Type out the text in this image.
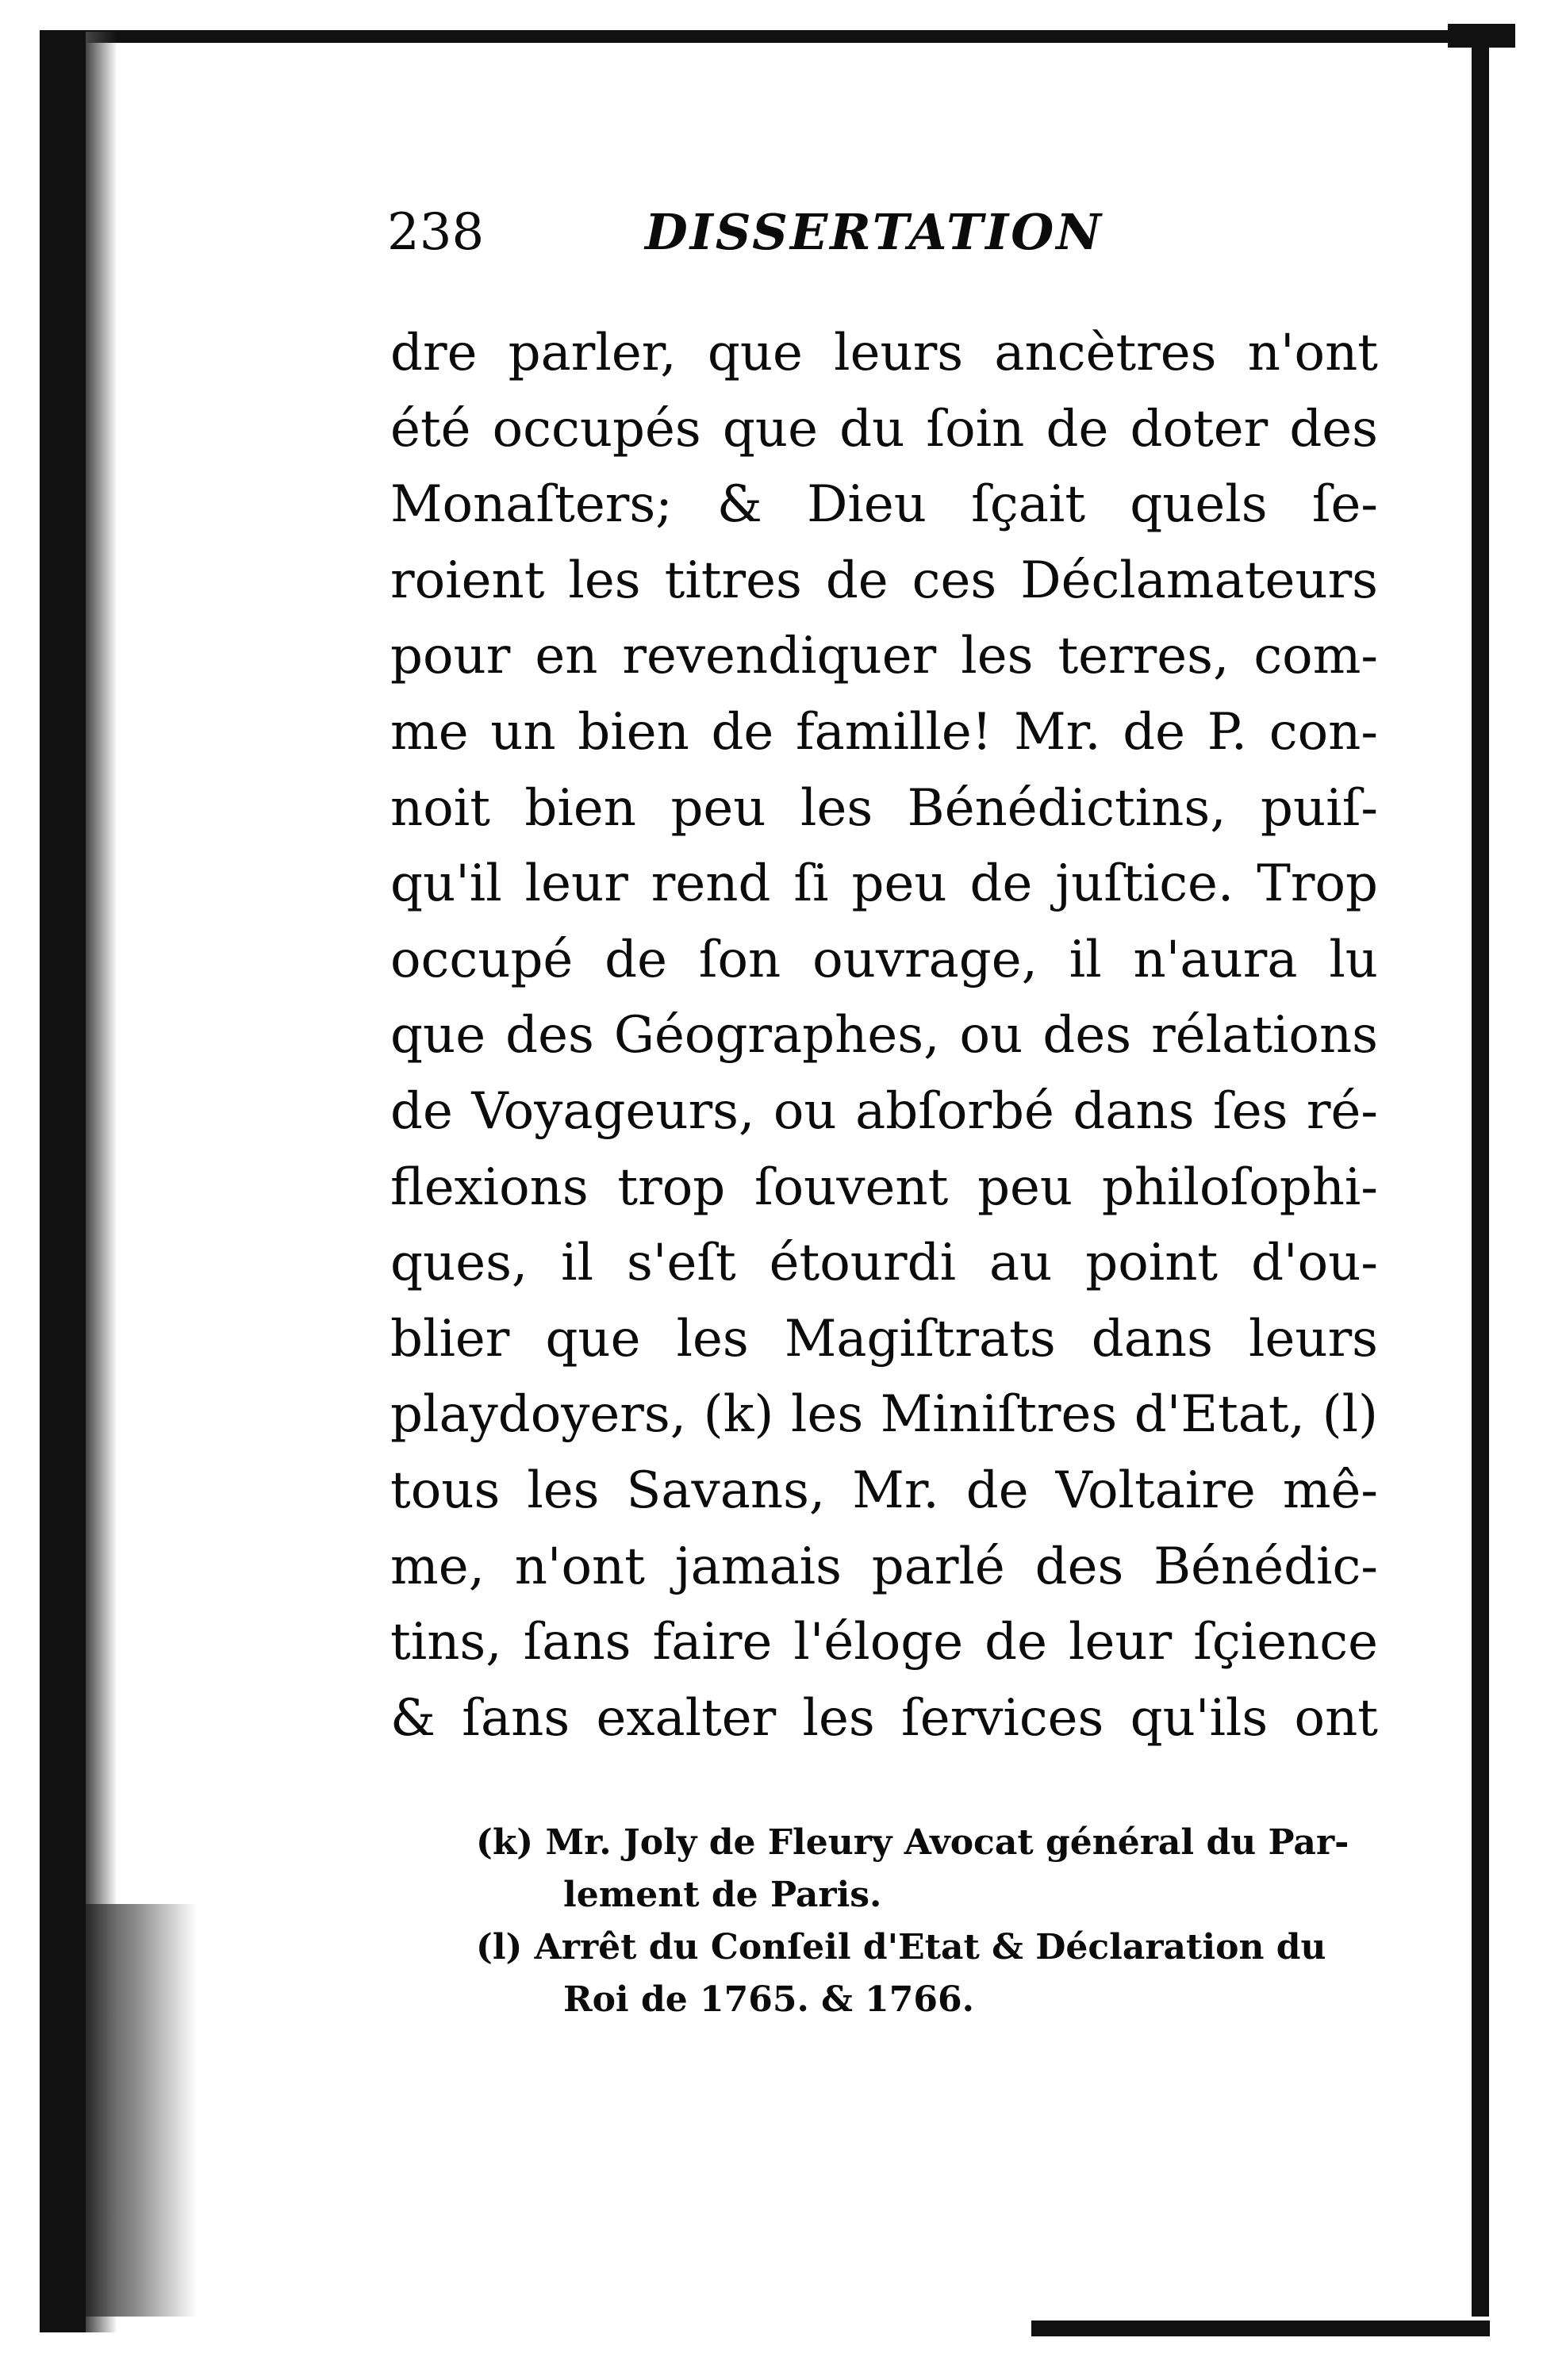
238	DISSERTATION
dre parler, que leurs ancètres n'ont
été occupés que du ſoin de doter des
Monaſters; & Dieu ſçait quels ſe-
roient les titres de ces Déclamateurs
pour en revendiquer les terres, com-
me un bien de famille! Mr. de P. con-
noit bien peu les Bénédictins, puiſ-
qu'il leur rend ſi peu de juſtice. Trop
occupé de ſon ouvrage, il n'aura lu
que des Géographes, ou des rélations
de Voyageurs, ou abſorbé dans ſes ré-
flexions trop ſouvent peu philoſophi-
ques, il s'eſt étourdi au point d'ou-
blier que les Magiſtrats dans leurs
playdoyers, (k) les Miniſtres d'Etat, (l)
tous les Savans, Mr. de Voltaire mê-
me, n'ont jamais parlé des Bénédic-
tins, ſans faire l'éloge de leur ſçience
& ſans exalter les ſervices qu'ils ont
(k) Mr. Joly de Fleury Avocat général du Par-
lement de Paris.
(l) Arrêt du Conſeil d'Etat & Déclaration du
Roi de 1765. & 1766.
